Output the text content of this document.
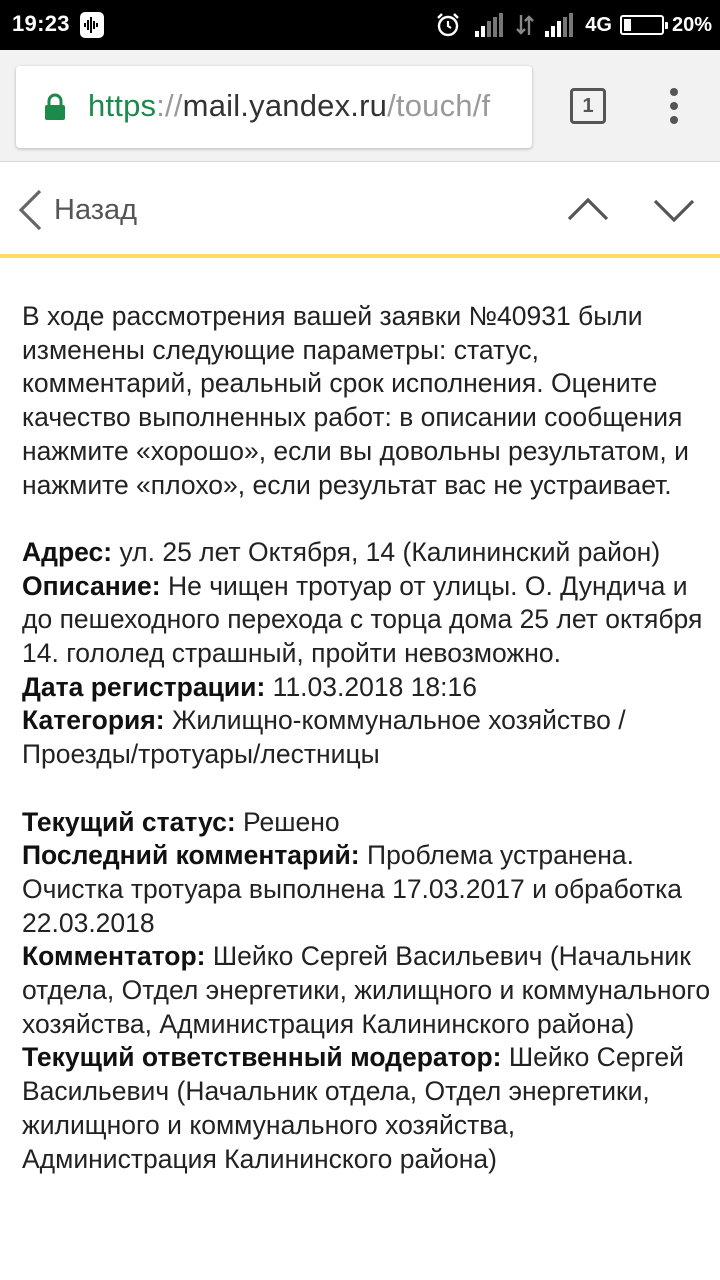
19:23	4G	20%
https://mail.yandex.ru/touch/f	1
Назад

В ходе рассмотрения вашей заявки №40931 были изменены следующие параметры: статус, комментарий, реальный срок исполнения. Оцените качество выполненных работ: в описании сообщения нажмите «хорошо», если вы довольны результатом, и нажмите «плохо», если результат вас не устраивает.

Адрес: ул. 25 лет Октября, 14 (Калининский район)

Описание: Не чищен тротуар от улицы. О. Дундича и до пешеходного перехода с торца дома 25 лет октября 14. гололед страшный, пройти невозможно.

Дата регистрации: 11.03.2018 18:16

Категория: Жилищно-коммунальное хозяйство / Проезды/тротуары/лестницы

Текущий статус: Решено

Последний комментарий: Проблема устранена. Очистка тротуара выполнена 17.03.2017 и обработка 22.03.2018

Комментатор: Шейко Сергей Васильевич (Начальник отдела, Отдел энергетики, жилищного и коммунального хозяйства, Администрация Калининского района)

Текущий ответственный модератор: Шейко Сергей Васильевич (Начальник отдела, Отдел энергетики, жилищного и коммунального хозяйства, Администрация Калининского района)
